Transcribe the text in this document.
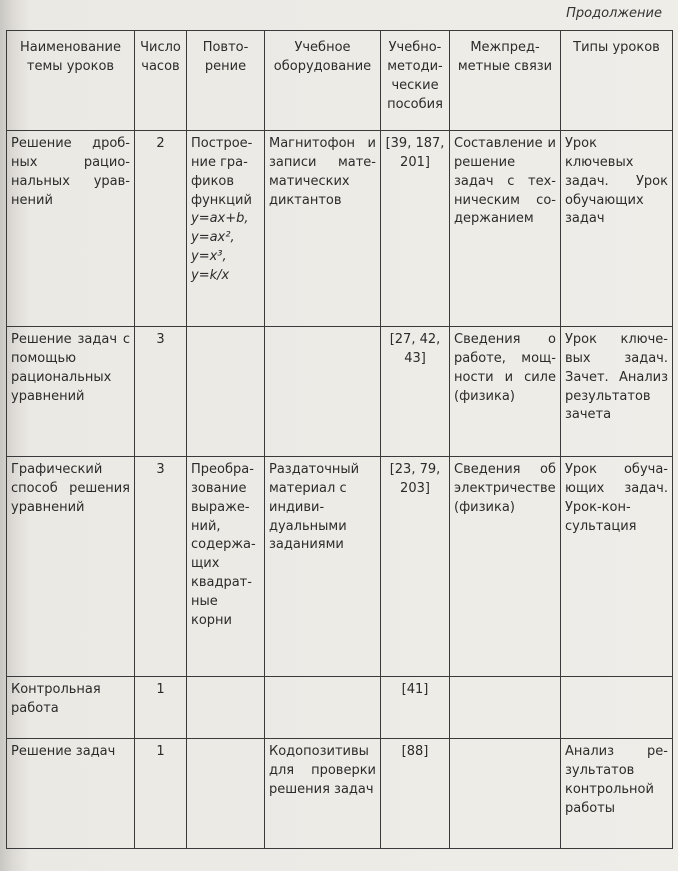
Продолжение
Наименование темы уроков	Число часов	Повторение	Учебное оборудование	Учебно-методические пособия	Межпредметные связи	Типы уроков

Решение дробных рациональных уравнений	2	Построение графиков функций
y=ax+b,
y=ax²,
y=x³,
y=k/x	Магнитофон и записи математических диктантов	[39, 187, 201]	Составление и решение задач с техническим содержанием	Урок ключевых задач. Урок обучающих задач

Решение задач с помощью рациональных уравнений	3			[27, 42, 43]	Сведения о работе, мощности и силе (физика)	Урок ключевых задач. Зачет. Анализ результатов зачета

Графический способ решения уравнений	3	Преобразование выражений, содержащих квадратные корни	Раздаточный материал с индивидуальными заданиями	[23, 79, 203]	Сведения об электричестве (физика)	Урок обучающих задач. Урок-консультация

Контрольная работа	1			[41]		

Решение задач	1		Кодопозитивы для проверки решения задач	[88]		Анализ результатов контрольной работы
